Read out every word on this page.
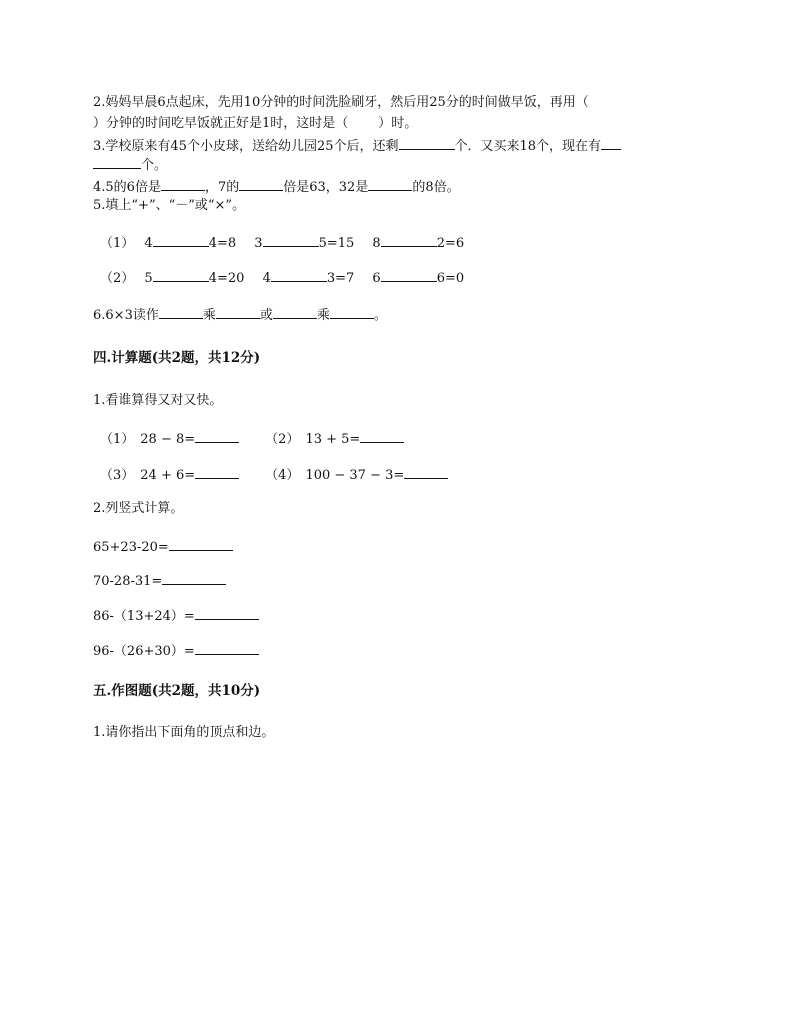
2.妈妈早晨6点起床，先用10分钟的时间洗脸刷牙，然后用25分的时间做早饭，再用（
）分钟的时间吃早饭就正好是1时，这时是（ ）时。
3.学校原来有45个小皮球，送给幼儿园25个后，还剩	个．又买来18个，现在有
个。
4.5的6倍是	，7的	倍是63，32是	的8倍。
5.填上“+”、“－”或“×”。
（1） 4	4=8 3	5=15 8	2=6
（2） 5	4=20 4	3=7 6	6=0
6.6×3读作	乘	或	乘	。
四.计算题(共2题，共12分)
1.看谁算得又对又快。
（1） 28 − 8=	（2） 13 + 5=
（3） 24 + 6=	（4） 100 − 37 − 3=
2.列竖式计算。
65+23-20=
70-28-31=
86-（13+24）=
96-（26+30）=
五.作图题(共2题，共10分)
1.请你指出下面角的顶点和边。
